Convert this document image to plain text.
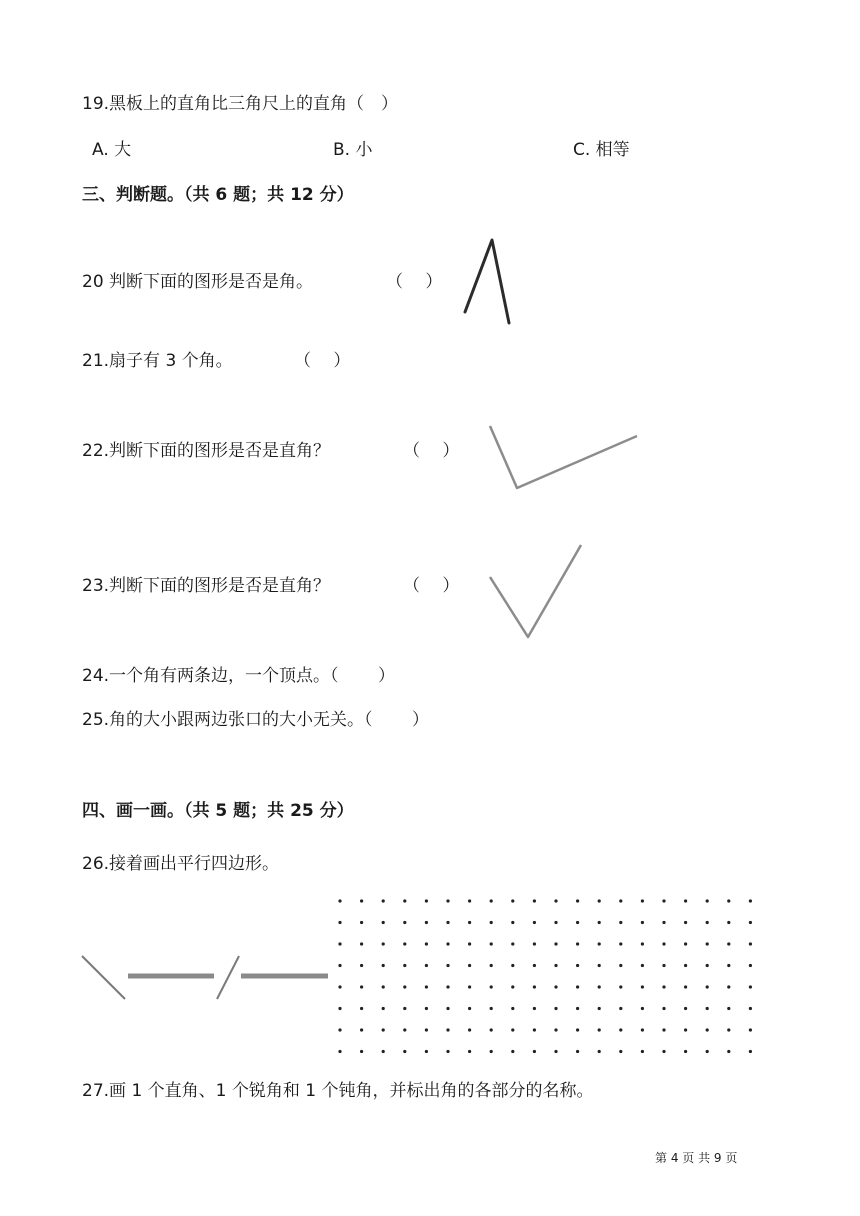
19.黑板上的直角比三角尺上的直角（　）
A. 大	B. 小	C. 相等
三、判断题。（共 6 题；共 12 分）
20 判断下面的图形是否是角。	（　 ）
21.扇子有 3 个角。	（　 ）
22.判断下面的图形是否是直角？	（　 ）
23.判断下面的图形是否是直角？	（　 ）
24.一个角有两条边，一个顶点。（　　 ）
25.角的大小跟两边张口的大小无关。（　　 ）
四、画一画。（共 5 题；共 25 分）
26.接着画出平行四边形。
27.画 1 个直角、1 个锐角和 1 个钝角，并标出角的各部分的名称。
第 4 页 共 9 页
